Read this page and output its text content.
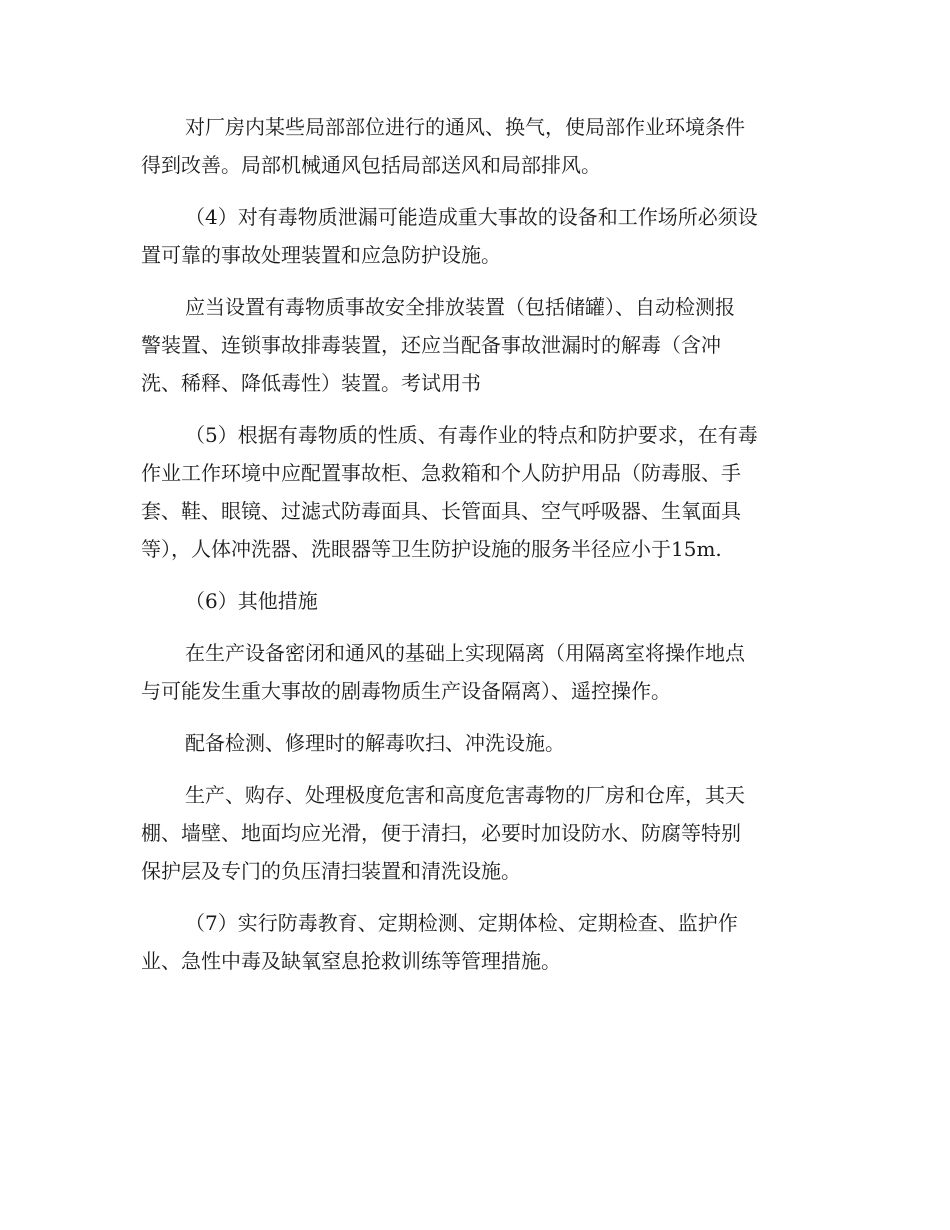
对厂房内某些局部部位进行的通风、换气，使局部作业环境条件
得到改善。局部机械通风包括局部送风和局部排风。

（4）对有毒物质泄漏可能造成重大事故的设备和工作场所必须设
置可靠的事故处理装置和应急防护设施。

应当设置有毒物质事故安全排放装置（包括储罐）、自动检测报
警装置、连锁事故排毒装置，还应当配备事故泄漏时的解毒（含冲
洗、稀释、降低毒性）装置。考试用书

（5）根据有毒物质的性质、有毒作业的特点和防护要求，在有毒
作业工作环境中应配置事故柜、急救箱和个人防护用品（防毒服、手
套、鞋、眼镜、过滤式防毒面具、长管面具、空气呼吸器、生氧面具
等），人体冲洗器、洗眼器等卫生防护设施的服务半径应小于15m.

（6）其他措施

在生产设备密闭和通风的基础上实现隔离（用隔离室将操作地点
与可能发生重大事故的剧毒物质生产设备隔离）、遥控操作。

配备检测、修理时的解毒吹扫、冲洗设施。

生产、购存、处理极度危害和高度危害毒物的厂房和仓库，其天
棚、墙壁、地面均应光滑，便于清扫，必要时加设防水、防腐等特别
保护层及专门的负压清扫装置和清洗设施。

（7）实行防毒教育、定期检测、定期体检、定期检查、监护作
业、急性中毒及缺氧窒息抢救训练等管理措施。
